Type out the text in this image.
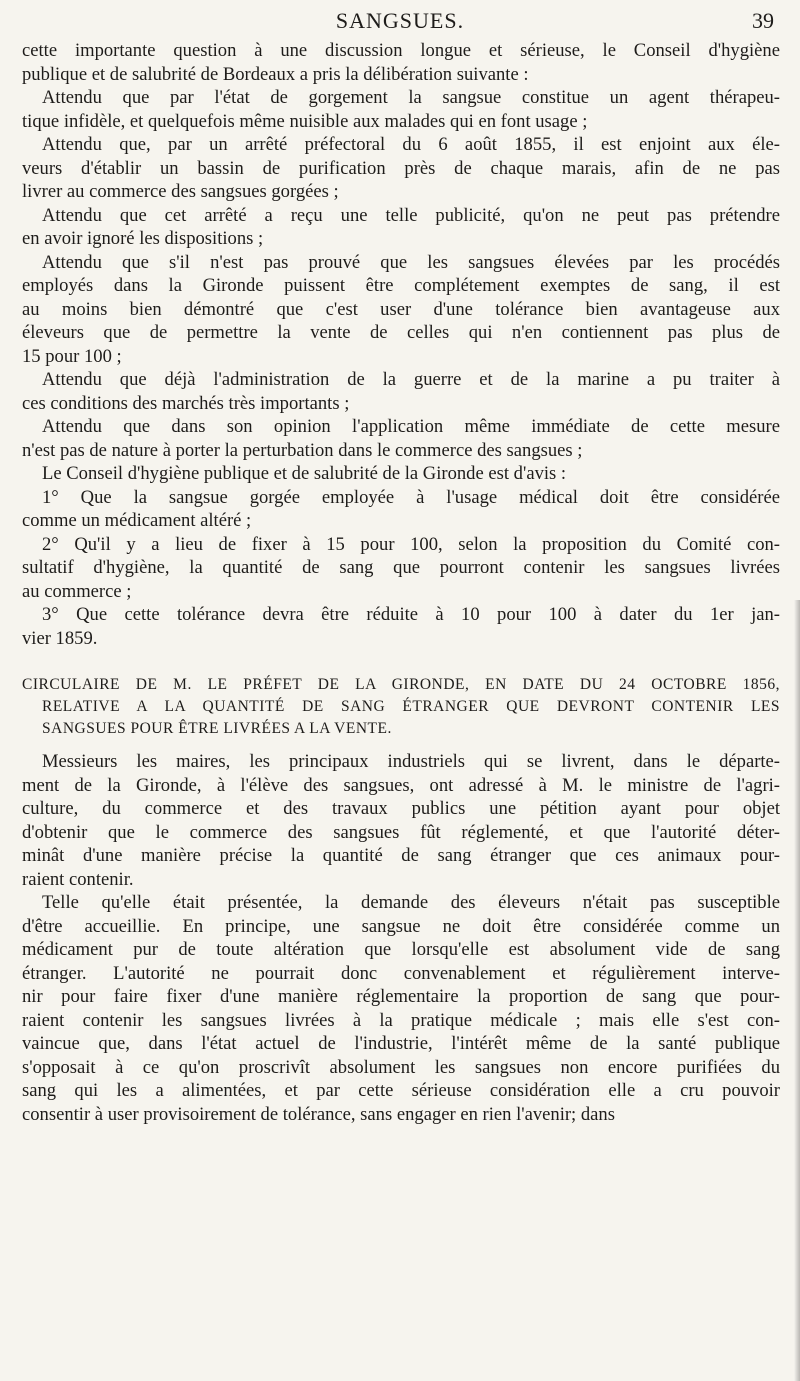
SANGSUES.	39
cette importante question à une discussion longue et sérieuse, le Conseil d'hygiène
publique et de salubrité de Bordeaux a pris la délibération suivante :
Attendu que par l'état de gorgement la sangsue constitue un agent thérapeu-
tique infidèle, et quelquefois même nuisible aux malades qui en font usage ;
Attendu que, par un arrêté préfectoral du 6 août 1855, il est enjoint aux éle-
veurs d'établir un bassin de purification près de chaque marais, afin de ne pas
livrer au commerce des sangsues gorgées ;
Attendu que cet arrêté a reçu une telle publicité, qu'on ne peut pas prétendre
en avoir ignoré les dispositions ;
Attendu que s'il n'est pas prouvé que les sangsues élevées par les procédés
employés dans la Gironde puissent être complétement exemptes de sang, il est
au moins bien démontré que c'est user d'une tolérance bien avantageuse aux
éleveurs que de permettre la vente de celles qui n'en contiennent pas plus de
15 pour 100 ;
Attendu que déjà l'administration de la guerre et de la marine a pu traiter à
ces conditions des marchés très importants ;
Attendu que dans son opinion l'application même immédiate de cette mesure
n'est pas de nature à porter la perturbation dans le commerce des sangsues ;
Le Conseil d'hygiène publique et de salubrité de la Gironde est d'avis :
1° Que la sangsue gorgée employée à l'usage médical doit être considérée
comme un médicament altéré ;
2° Qu'il y a lieu de fixer à 15 pour 100, selon la proposition du Comité con-
sultatif d'hygiène, la quantité de sang que pourront contenir les sangsues livrées
au commerce ;
3° Que cette tolérance devra être réduite à 10 pour 100 à dater du 1er jan-
vier 1859.
CIRCULAIRE DE M. LE PRÉFET DE LA GIRONDE, EN DATE DU 24 OCTOBRE 1856,
RELATIVE A LA QUANTITÉ DE SANG ÉTRANGER QUE DEVRONT CONTENIR LES
SANGSUES POUR ÊTRE LIVRÉES A LA VENTE.
Messieurs les maires, les principaux industriels qui se livrent, dans le départe-
ment de la Gironde, à l'élève des sangsues, ont adressé à M. le ministre de l'agri-
culture, du commerce et des travaux publics une pétition ayant pour objet
d'obtenir que le commerce des sangsues fût réglementé, et que l'autorité déter-
minât d'une manière précise la quantité de sang étranger que ces animaux pour-
raient contenir.
Telle qu'elle était présentée, la demande des éleveurs n'était pas susceptible
d'être accueillie. En principe, une sangsue ne doit être considérée comme un
médicament pur de toute altération que lorsqu'elle est absolument vide de sang
étranger. L'autorité ne pourrait donc convenablement et régulièrement interve-
nir pour faire fixer d'une manière réglementaire la proportion de sang que pour-
raient contenir les sangsues livrées à la pratique médicale ; mais elle s'est con-
vaincue que, dans l'état actuel de l'industrie, l'intérêt même de la santé publique
s'opposait à ce qu'on proscrivît absolument les sangsues non encore purifiées du
sang qui les a alimentées, et par cette sérieuse considération elle a cru pouvoir
consentir à user provisoirement de tolérance, sans engager en rien l'avenir; dans
